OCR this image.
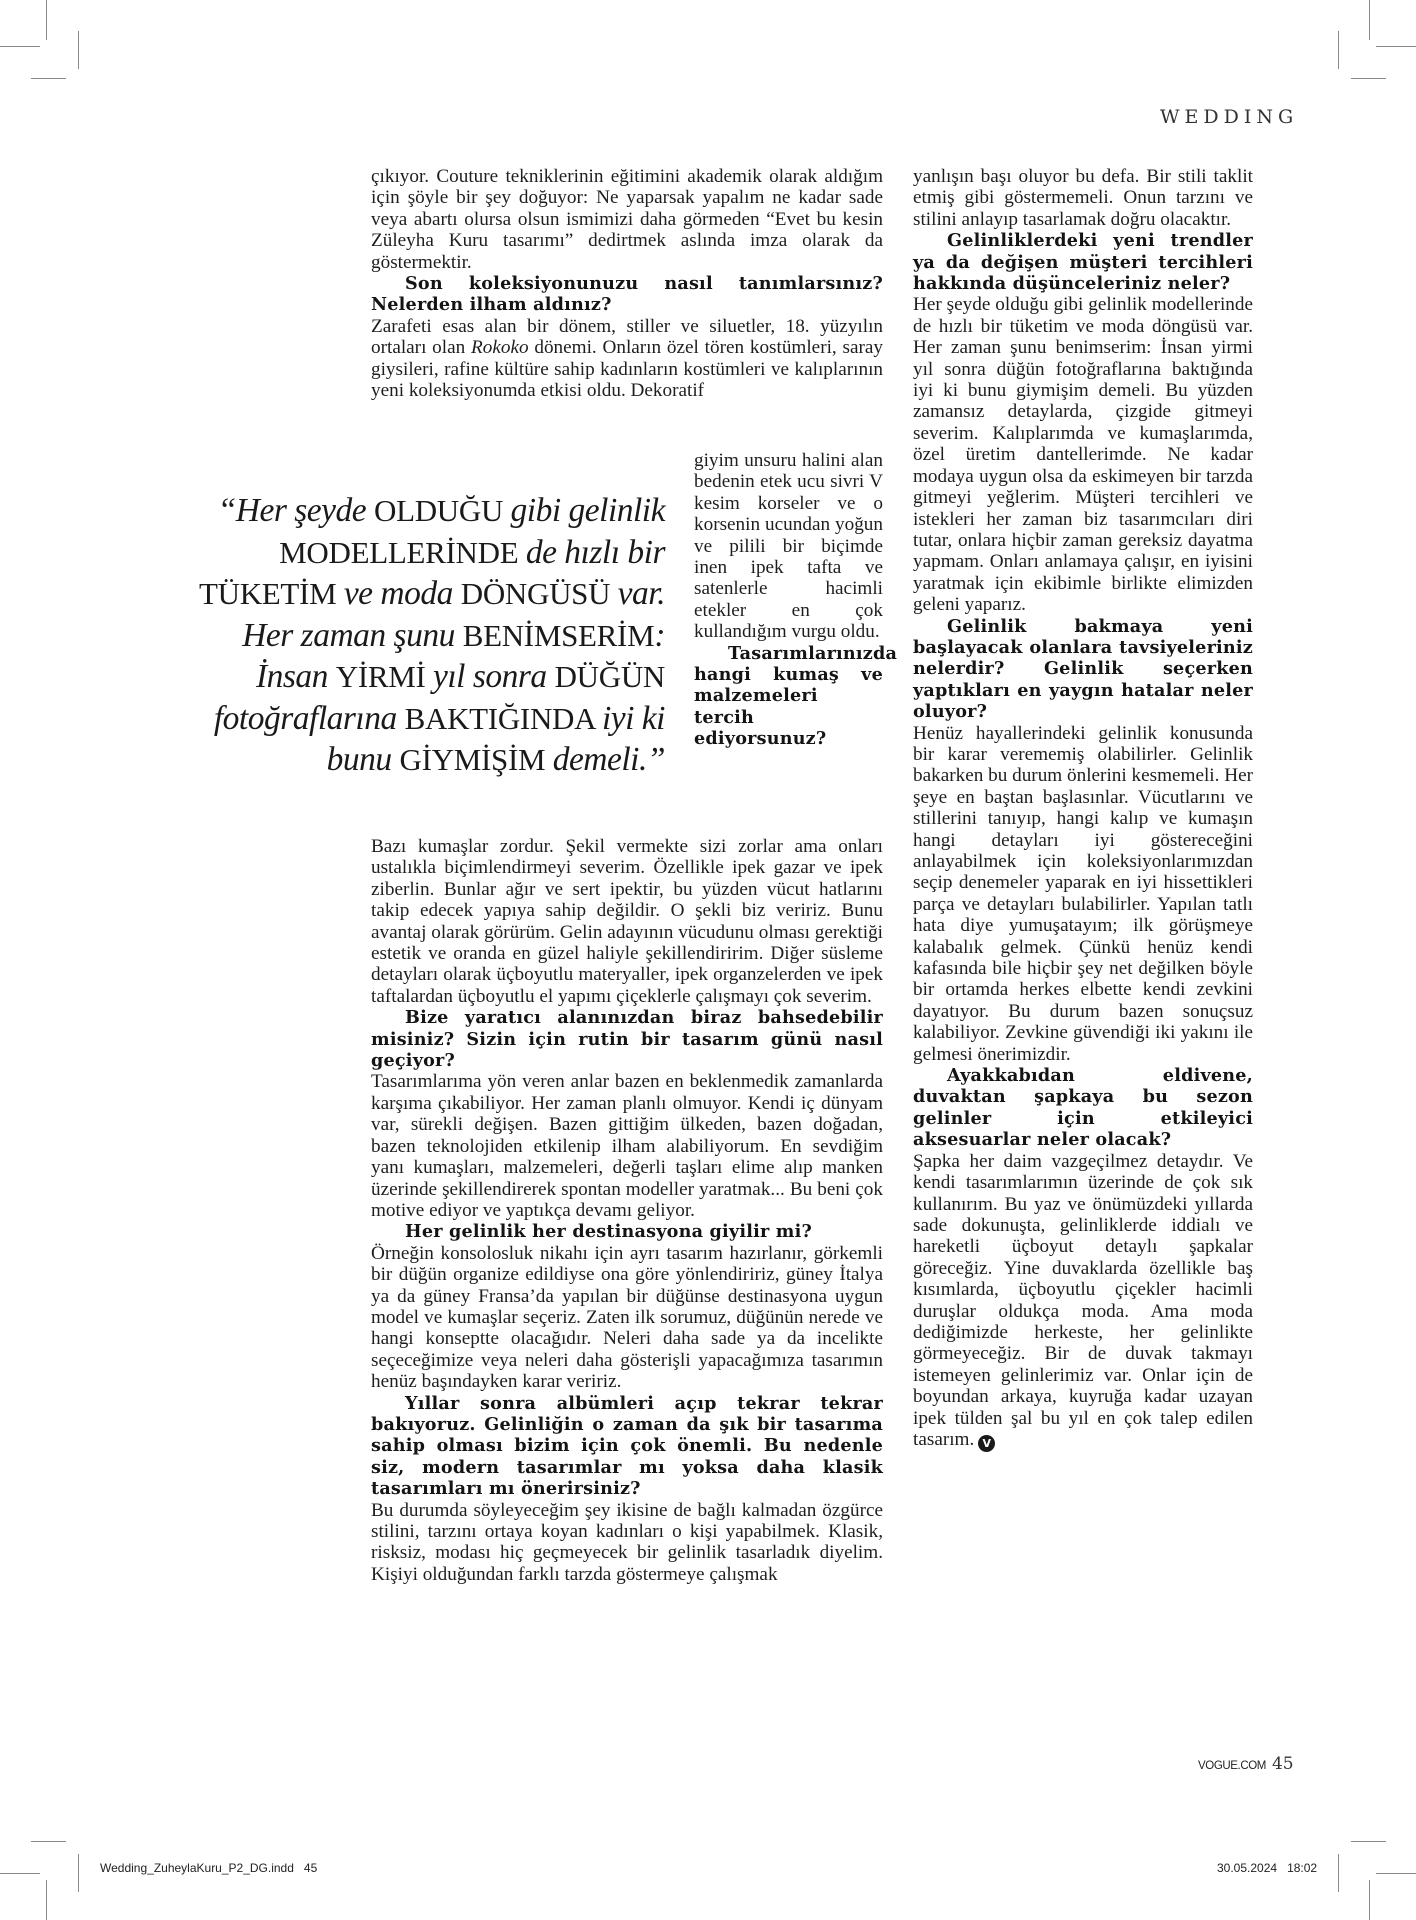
WEDDING

çıkıyor. Couture tekniklerinin eğitimini akademik olarak aldığım için şöyle bir şey doğuyor: Ne yaparsak yapalım ne kadar sade veya abartı olursa olsun ismimizi daha görmeden “Evet bu kesin Züleyha Kuru tasarımı” dedirtmek aslında imza olarak da göstermektir.

Son koleksiyonunuzu nasıl tanımlarsınız? Nelerden ilham aldınız?

Zarafeti esas alan bir dönem, stiller ve siluetler, 18. yüzyılın ortaları olan Rokoko dönemi. Onların özel tören kostümleri, saray giysileri, rafine kültüre sahip kadınların kostümleri ve kalıplarının yeni koleksiyonumda etkisi oldu. Dekoratif

giyim unsuru halini alan bedenin etek ucu sivri V kesim korseler ve o korsenin ucundan yoğun ve pilili bir biçimde inen ipek tafta ve satenlerle hacimli etekler en çok kullandığım vurgu oldu.

Tasarımlarınızda hangi kumaş ve malzemeleri tercih ediyorsunuz?

“Her şeyde OLDUĞU gibi gelinlik
MODELLERİNDE de hızlı bir
TÜKETİM ve moda DÖNGÜSÜ var.
Her zaman şunu BENİMSERİM:
İnsan YİRMİ yıl sonra DÜĞÜN
fotoğraflarına BAKTIĞINDA iyi ki
bunu GİYMİŞİM demeli.”

Bazı kumaşlar zordur. Şekil vermekte sizi zorlar ama onları ustalıkla biçimlendirmeyi severim. Özellikle ipek gazar ve ipek ziberlin. Bunlar ağır ve sert ipektir, bu yüzden vücut hatlarını takip edecek yapıya sahip değildir. O şekli biz veririz. Bunu avantaj olarak görürüm. Gelin adayının vücudunu olması gerektiği estetik ve oranda en güzel haliyle şekillendiririm. Diğer süsleme detayları olarak üçboyutlu materyaller, ipek organzelerden ve ipek taftalardan üçboyutlu el yapımı çiçeklerle çalışmayı çok severim.

Bize yaratıcı alanınızdan biraz bahsedebilir misiniz? Sizin için rutin bir tasarım günü nasıl geçiyor?

Tasarımlarıma yön veren anlar bazen en beklenmedik zamanlarda karşıma çıkabiliyor. Her zaman planlı olmuyor. Kendi iç dünyam var, sürekli değişen. Bazen gittiğim ülkeden, bazen doğadan, bazen teknolojiden etkilenip ilham alabiliyorum. En sevdiğim yanı kumaşları, malzemeleri, değerli taşları elime alıp manken üzerinde şekillendirerek spontan modeller yaratmak... Bu beni çok motive ediyor ve yaptıkça devamı geliyor.

Her gelinlik her destinasyona giyilir mi?

Örneğin konsolosluk nikahı için ayrı tasarım hazırlanır, görkemli bir düğün organize edildiyse ona göre yönlendiririz, güney İtalya ya da güney Fransa’da yapılan bir düğünse destinasyona uygun model ve kumaşlar seçeriz. Zaten ilk sorumuz, düğünün nerede ve hangi konseptte olacağıdır. Neleri daha sade ya da incelikte seçeceğimize veya neleri daha gösterişli yapacağımıza tasarımın henüz başındayken karar veririz.

Yıllar sonra albümleri açıp tekrar tekrar bakıyoruz. Gelinliğin o zaman da şık bir tasarıma sahip olması bizim için çok önemli. Bu nedenle siz, modern tasarımlar mı yoksa daha klasik tasarımları mı önerirsiniz?

Bu durumda söyleyeceğim şey ikisine de bağlı kalmadan özgürce stilini, tarzını ortaya koyan kadınları o kişi yapabilmek. Klasik, risksiz, modası hiç geçmeyecek bir gelinlik tasarladık diyelim. Kişiyi olduğundan farklı tarzda göstermeye çalışmak

yanlışın başı oluyor bu defa. Bir stili taklit etmiş gibi göstermemeli. Onun tarzını ve stilini anlayıp tasarlamak doğru olacaktır.

Gelinliklerdeki yeni trendler ya da değişen müşteri tercihleri hakkında düşünceleriniz neler?

Her şeyde olduğu gibi gelinlik modellerinde de hızlı bir tüketim ve moda döngüsü var. Her zaman şunu benimserim: İnsan yirmi yıl sonra düğün fotoğraflarına baktığında iyi ki bunu giymişim demeli. Bu yüzden zamansız detaylarda, çizgide gitmeyi severim. Kalıplarımda ve kumaşlarımda, özel üretim dantellerimde. Ne kadar modaya uygun olsa da eskimeyen bir tarzda gitmeyi yeğlerim. Müşteri tercihleri ve istekleri her zaman biz tasarımcıları diri tutar, onlara hiçbir zaman gereksiz dayatma yapmam. Onları anlamaya çalışır, en iyisini yaratmak için ekibimle birlikte elimizden geleni yaparız.

Gelinlik bakmaya yeni başlayacak olanlara tavsiyeleriniz nelerdir? Gelinlik seçerken yaptıkları en yaygın hatalar neler oluyor?

Henüz hayallerindeki gelinlik konusunda bir karar verememiş olabilirler. Gelinlik bakarken bu durum önlerini kesmemeli. Her şeye en baştan başlasınlar. Vücutlarını ve stillerini tanıyıp, hangi kalıp ve kumaşın hangi detayları iyi göstereceğini anlayabilmek için koleksiyonlarımızdan seçip denemeler yaparak en iyi hissettikleri parça ve detayları bulabilirler. Yapılan tatlı hata diye yumuşatayım; ilk görüşmeye kalabalık gelmek. Çünkü henüz kendi kafasında bile hiçbir şey net değilken böyle bir ortamda herkes elbette kendi zevkini dayatıyor. Bu durum bazen sonuçsuz kalabiliyor. Zevkine güvendiği iki yakını ile gelmesi önerimizdir.

Ayakkabıdan eldivene, duvaktan şapkaya bu sezon gelinler için etkileyici aksesuarlar neler olacak?

Şapka her daim vazgeçilmez detaydır. Ve kendi tasarımlarımın üzerinde de çok sık kullanırım. Bu yaz ve önümüzdeki yıllarda sade dokunuşta, gelinliklerde iddialı ve hareketli üçboyut detaylı şapkalar göreceğiz. Yine duvaklarda özellikle baş kısımlarda, üçboyutlu çiçekler hacimli duruşlar oldukça moda. Ama moda dediğimizde herkeste, her gelinlikte görmeyeceğiz. Bir de duvak takmayı istemeyen gelinlerimiz var. Onlar için de boyundan arkaya, kuyruğa kadar uzayan ipek tülden şal bu yıl en çok talep edilen tasarım. V

VOGUE.COM 45
Wedding_ZuheylaKuru_P2_DG.indd 45	30.05.2024 18:02
